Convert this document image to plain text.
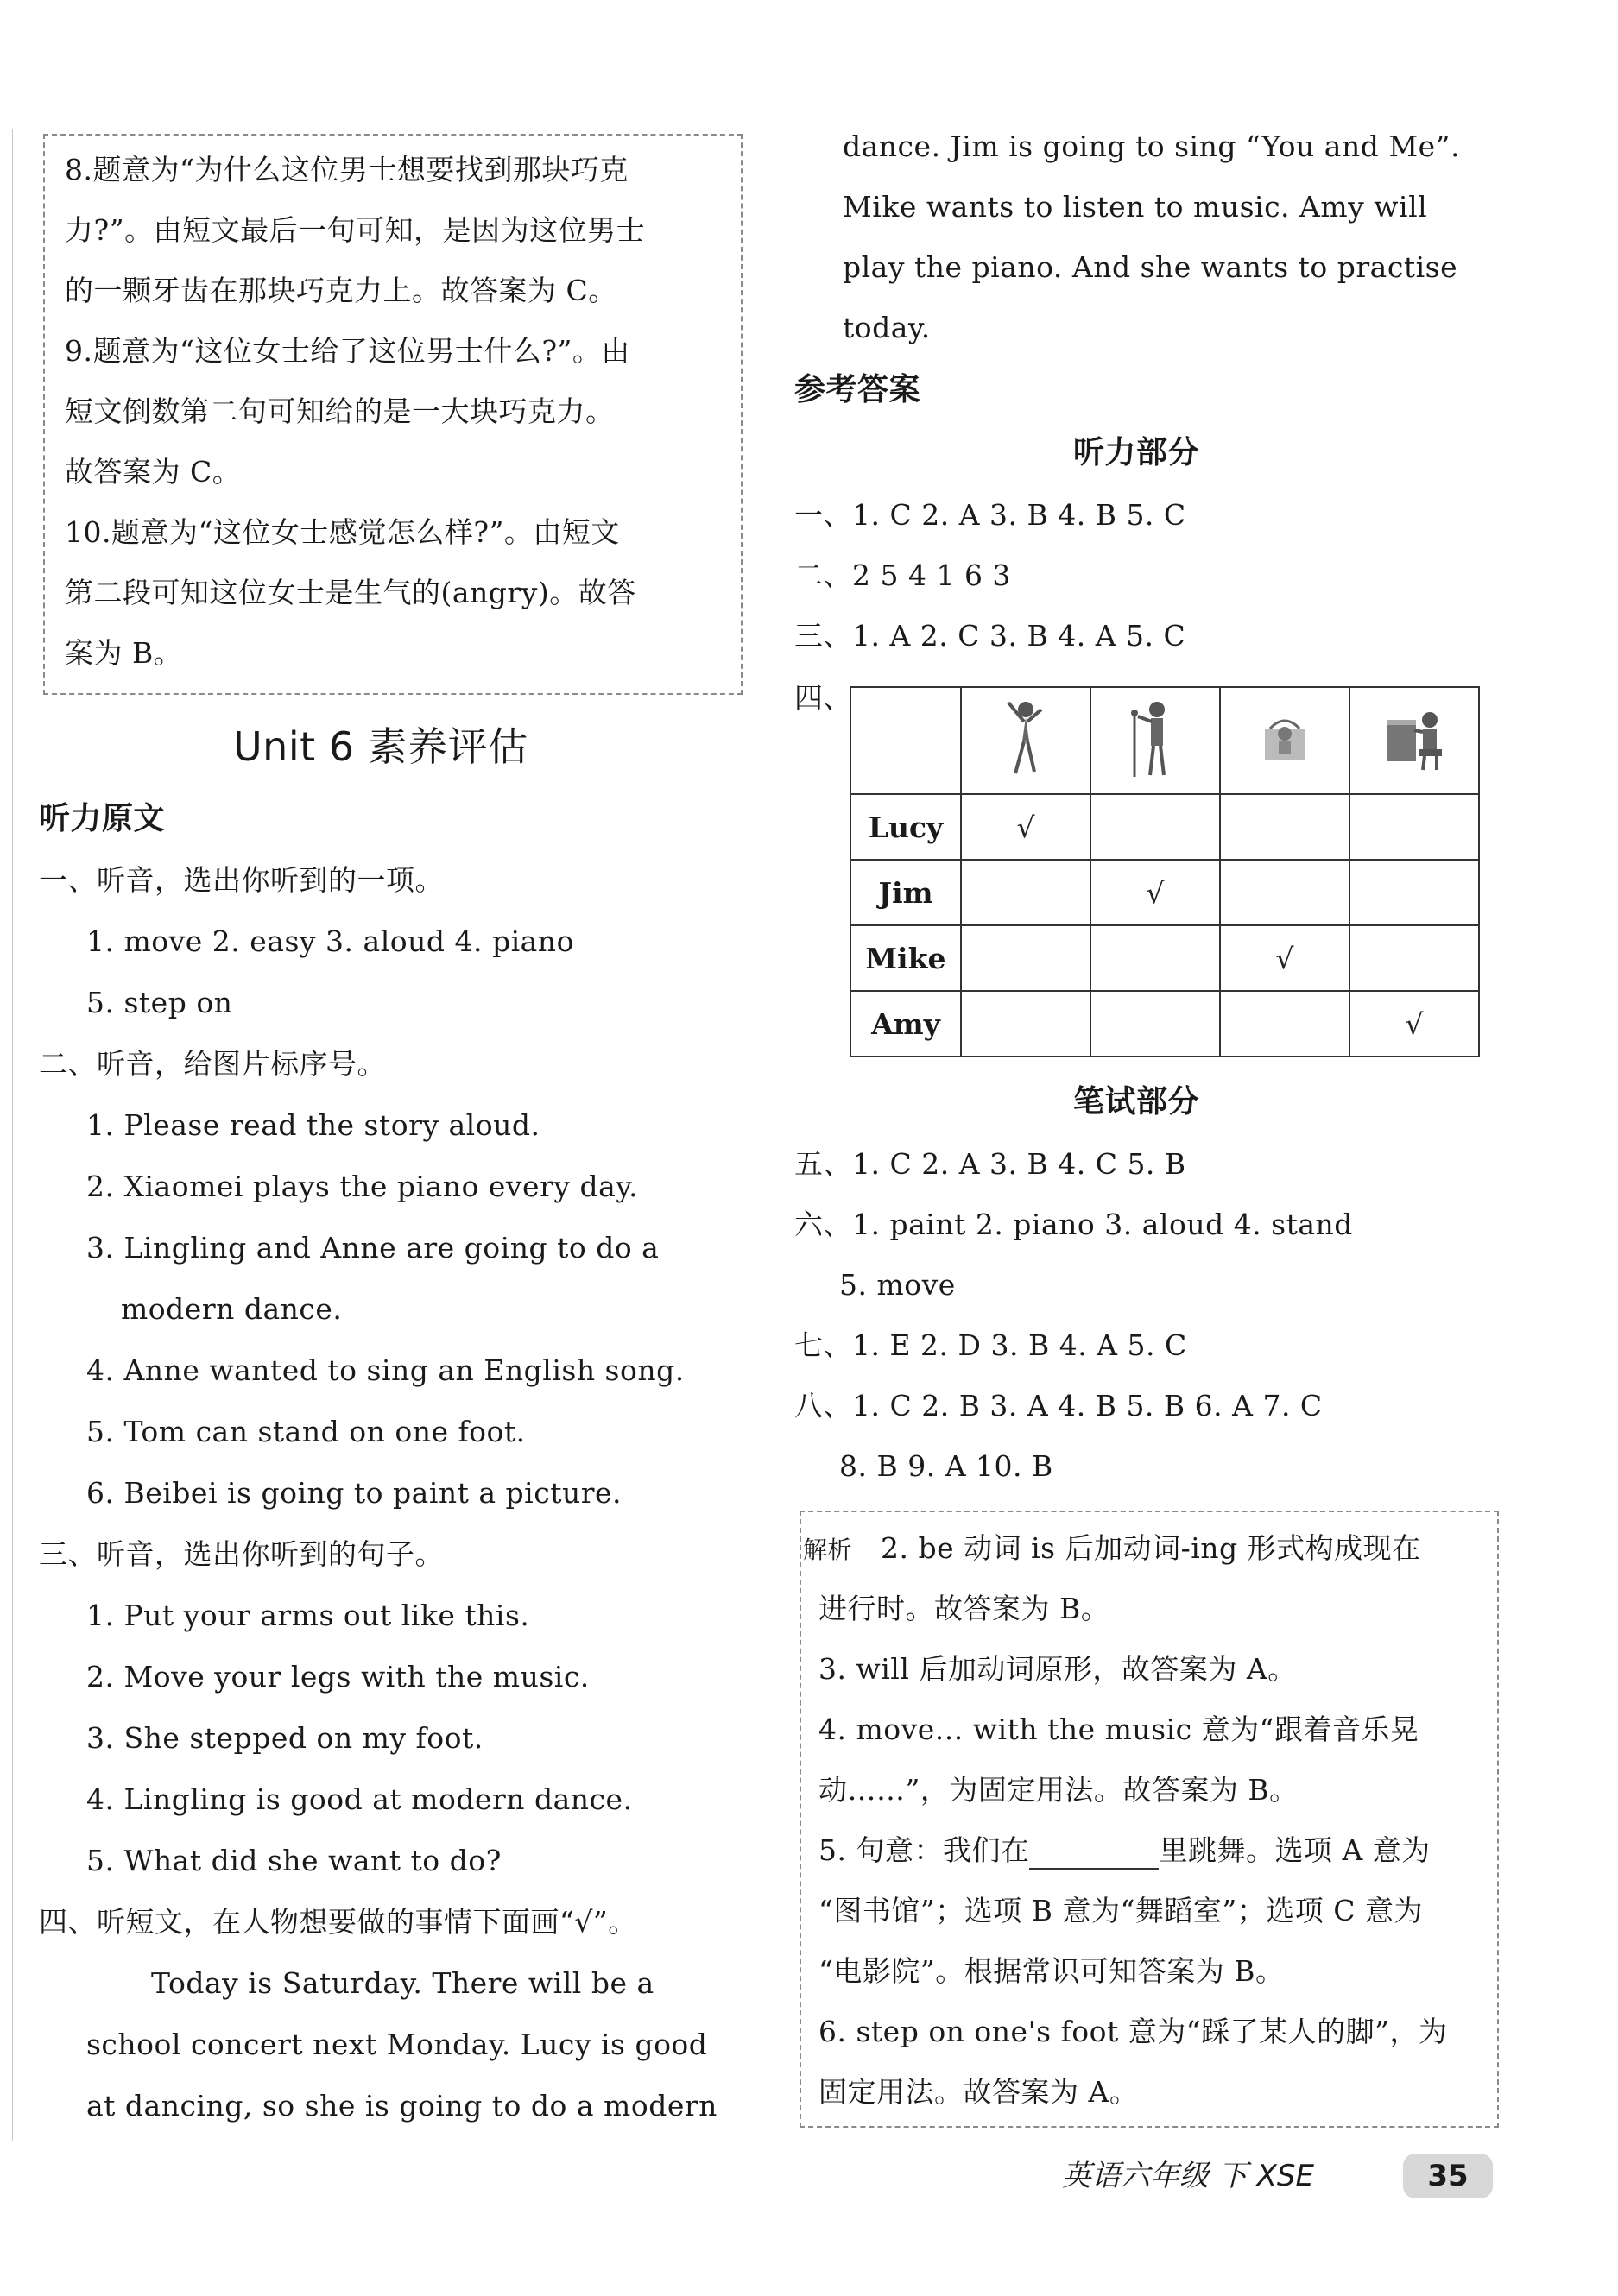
8.题意为“为什么这位男士想要找到那块巧克
力?”。由短文最后一句可知，是因为这位男士
的一颗牙齿在那块巧克力上。故答案为 C。
9.题意为“这位女士给了这位男士什么?”。由
短文倒数第二句可知给的是一大块巧克力。
故答案为 C。
10.题意为“这位女士感觉怎么样?”。由短文
第二段可知这位女士是生气的(angry)。故答
案为 B。
Unit 6 素养评估
听力原文
一、听音，选出你听到的一项。
1. move 2. easy 3. aloud 4. piano
5. step on
二、听音，给图片标序号。
1. Please read the story aloud.
2. Xiaomei plays the piano every day.
3. Lingling and Anne are going to do a
modern dance.
4. Anne wanted to sing an English song.
5. Tom can stand on one foot.
6. Beibei is going to paint a picture.
三、听音，选出你听到的句子。
1. Put your arms out like this.
2. Move your legs with the music.
3. She stepped on my foot.
4. Lingling is good at modern dance.
5. What did she want to do?
四、听短文，在人物想要做的事情下面画“√”。
Today is Saturday. There will be a
school concert next Monday. Lucy is good
at dancing, so she is going to do a modern
dance. Jim is going to sing “You and Me”.
Mike wants to listen to music. Amy will
play the piano. And she wants to practise
today.
参考答案
听力部分
一、1. C 2. A 3. B 4. B 5. C
二、2 5 4 1 6 3
三、1. A 2. C 3. B 4. A 5. C
四、

Lucy	√			
Jim		√		
Mike			√	
Amy				√
笔试部分
五、1. C 2. A 3. B 4. C 5. B
六、1. paint 2. piano 3. aloud 4. stand
5. move
七、1. E 2. D 3. B 4. A 5. C
八、1. C 2. B 3. A 4. B 5. B 6. A 7. C
8. B 9. A 10. B
解析 2. be 动词 is 后加动词-ing 形式构成现在
进行时。故答案为 B。
3. will 后加动词原形，故答案为 A。
4. move... with the music 意为“跟着音乐晃
动……”，为固定用法。故答案为 B。
5. 句意：我们在	里跳舞。选项 A 意为
“图书馆”；选项 B 意为“舞蹈室”；选项 C 意为
“电影院”。根据常识可知答案为 B。
6. step on one's foot 意为“踩了某人的脚”，为
固定用法。故答案为 A。
英语六年级 下 XSE	35
